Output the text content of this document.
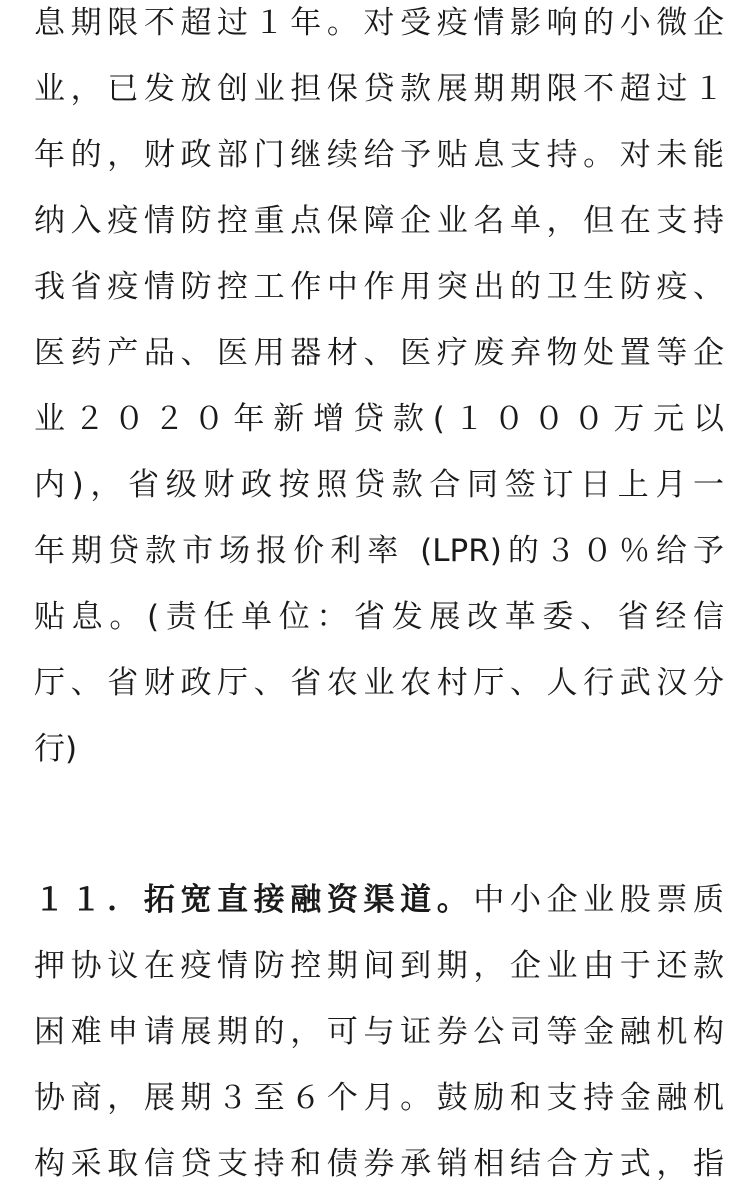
息期限不超过１年。对受疫情影响的小微企
业，已发放创业担保贷款展期期限不超过１
年的，财政部门继续给予贴息支持。对未能
纳入疫情防控重点保障企业名单，但在支持
我省疫情防控工作中作用突出的卫生防疫、
医药产品、医用器材、医疗废弃物处置等企
业２０２０年新增贷款(１０００万元以
内)，省级财政按照贷款合同签订日上月一
年期贷款市场报价利率 (LPR)的３０％给予
贴息。(责任单位：省发展改革委、省经信
厅、省财政厅、省农业农村厅、人行武汉分
行)
１１．拓宽直接融资渠道。中小企业股票质
押协议在疫情防控期间到期，企业由于还款
困难申请展期的，可与证券公司等金融机构
协商，展期３至６个月。鼓励和支持金融机
构采取信贷支持和债券承销相结合方式，指
